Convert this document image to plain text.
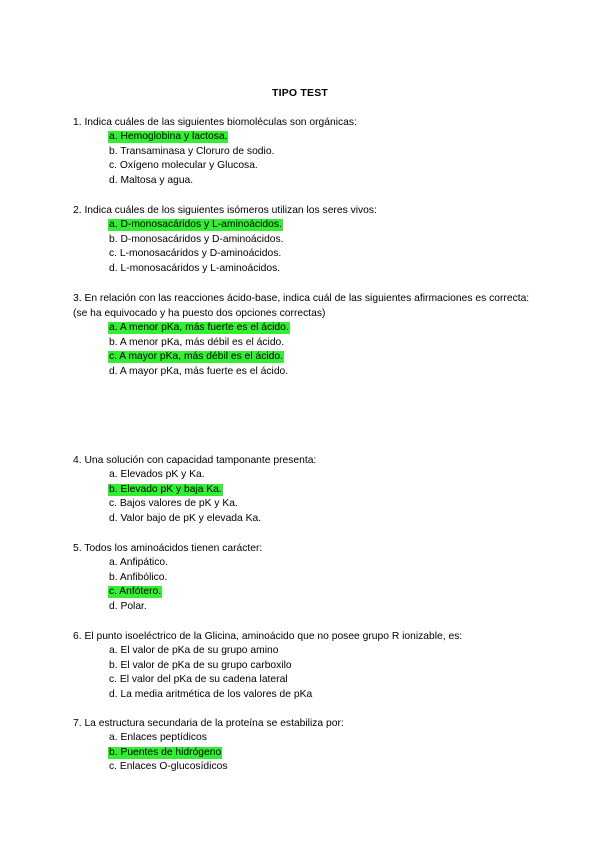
TIPO TEST

1. Indica cuáles de las siguientes biomoléculas son orgánicas:

a. Hemoglobina y lactosa.
b. Transaminasa y Cloruro de sodio.
c. Oxígeno molecular y Glucosa.
d. Maltosa y agua.

2. Indica cuáles de los siguientes isómeros utilizan los seres vivos:

a. D-monosacáridos y L-aminoácidos.
b. D-monosacáridos y D-aminoácidos.
c. L-monosacáridos y D-aminoácidos.
d. L-monosacáridos y L-aminoácidos.

3. En relación con las reacciones ácido-base, indica cuál de las siguientes afirmaciones es correcta: (se ha equivocado y ha puesto dos opciones correctas)

a. A menor pKa, más fuerte es el ácido.
b. A menor pKa, más débil es el ácido.
c. A mayor pKa, más débil es el ácido.
d. A mayor pKa, más fuerte es el ácido.

4. Una solución con capacidad tamponante presenta:

a. Elevados pK y Ka.
b. Elevado pK y baja Ka.
c. Bajos valores de pK y Ka.
d. Valor bajo de pK y elevada Ka.

5. Todos los aminoácidos tienen carácter:

a. Anfipático.
b. Anfibólico.
c. Anfótero.
d. Polar.

6. El punto isoeléctrico de la Glicina, aminoácido que no posee grupo R ionizable, es:

a. El valor de pKa de su grupo amino
b. El valor de pKa de su grupo carboxilo
c. El valor del pKa de su cadena lateral
d. La media aritmética de los valores de pKa

7. La estructura secundaria de la proteína se estabiliza por:

a. Enlaces peptídicos
b. Puentes de hidrógeno
c. Enlaces O-glucosídicos
